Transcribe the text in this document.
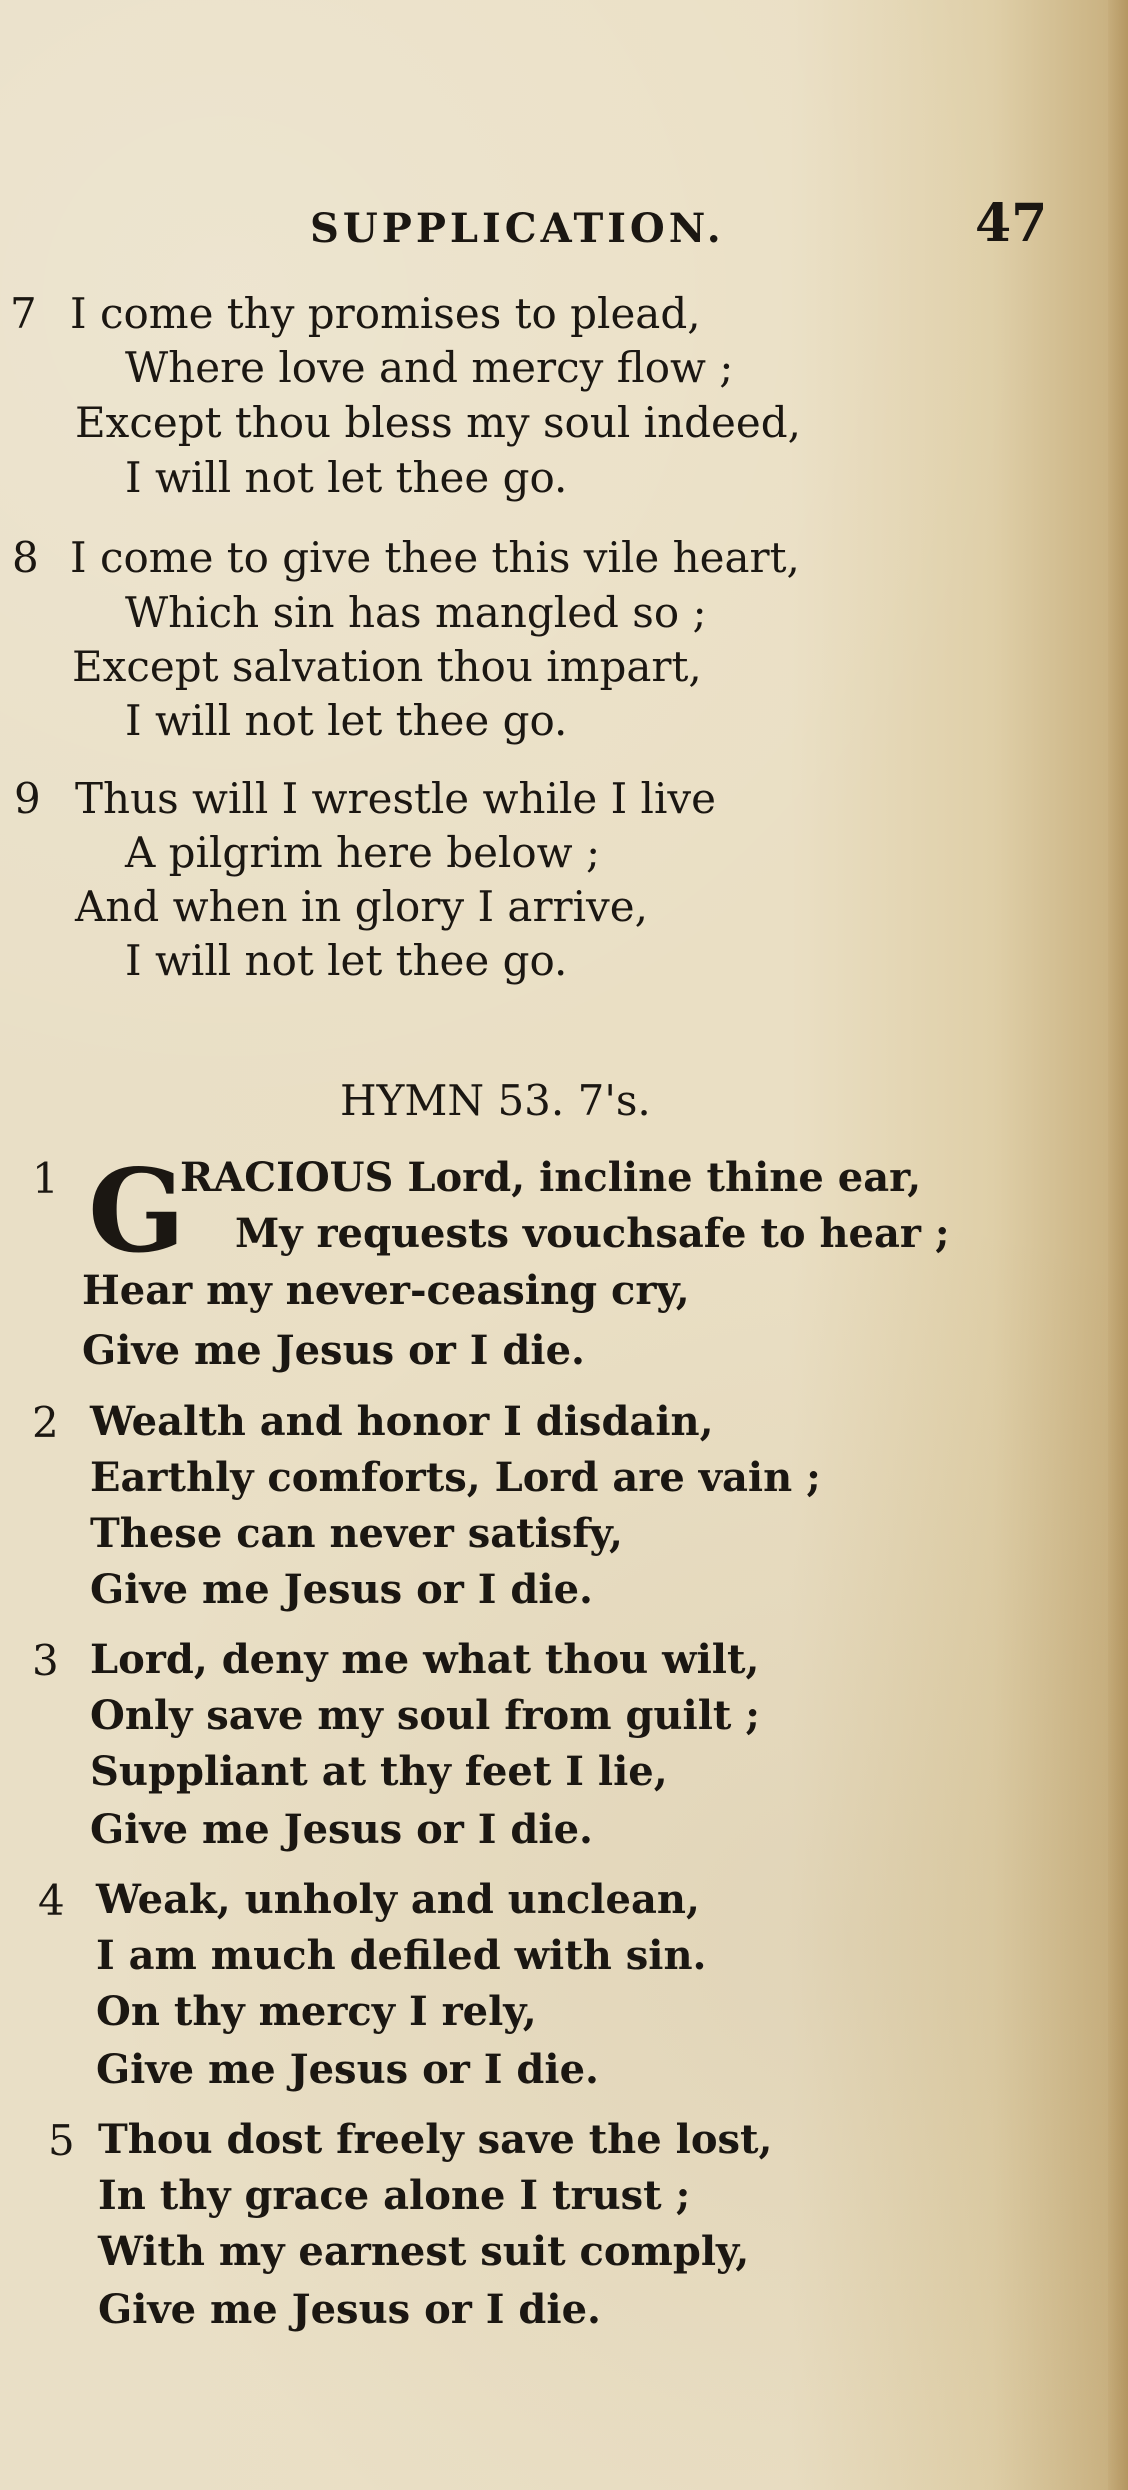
SUPPLICATION.	47
7 I come thy promises to plead,
Where love and mercy flow ;
Except thou bless my soul indeed,
I will not let thee go.
8 I come to give thee this vile heart,
Which sin has mangled so ;
Except salvation thou impart,
I will not let thee go.
9 Thus will I wrestle while I live
A pilgrim here below ;
And when in glory I arrive,
I will not let thee go.
HYMN 53. 7's.
1 G
RACIOUS Lord, incline thine ear,
My requests vouchsafe to hear ;
Hear my never-ceasing cry,
Give me Jesus or I die.
2 Wealth and honor I disdain,
Earthly comforts, Lord are vain ;
These can never satisfy,
Give me Jesus or I die.
3 Lord, deny me what thou wilt,
Only save my soul from guilt ;
Suppliant at thy feet I lie,
Give me Jesus or I die.
4 Weak, unholy and unclean,
I am much defiled with sin.
On thy mercy I rely,
Give me Jesus or I die.
5 Thou dost freely save the lost,
In thy grace alone I trust ;
With my earnest suit comply,
Give me Jesus or I die.
